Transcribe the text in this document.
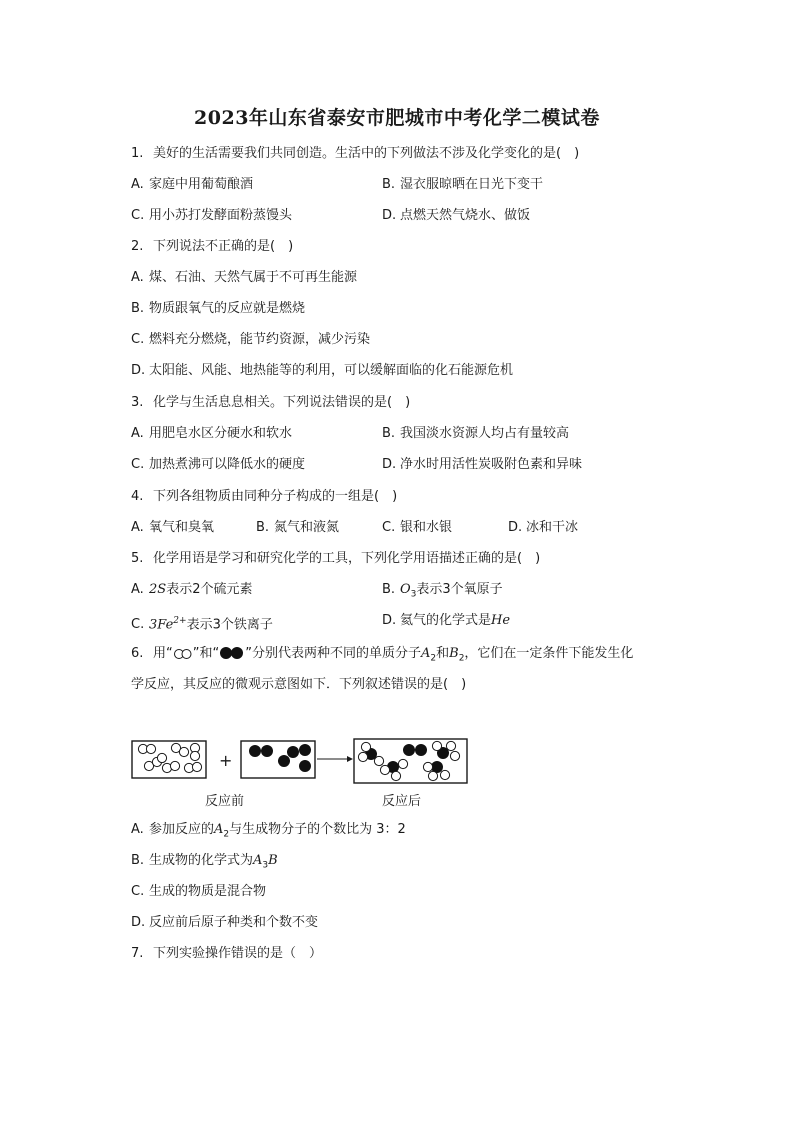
2023年山东省泰安市肥城市中考化学二模试卷
1. 美好的生活需要我们共同创造。生活中的下列做法不涉及化学变化的是(　)
A. 家庭中用葡萄酿酒	B. 湿衣服晾晒在日光下变干
C. 用小苏打发酵面粉蒸馒头	D. 点燃天然气烧水、做饭
2. 下列说法不正确的是(　)
A. 煤、石油、天然气属于不可再生能源
B. 物质跟氧气的反应就是燃烧
C. 燃料充分燃烧，能节约资源，减少污染
D. 太阳能、风能、地热能等的利用，可以缓解面临的化石能源危机
3. 化学与生活息息相关。下列说法错误的是(　)
A. 用肥皂水区分硬水和软水	B. 我国淡水资源人均占有量较高
C. 加热煮沸可以降低水的硬度	D. 净水时用活性炭吸附色素和异味
4. 下列各组物质由同种分子构成的一组是(　)
A. 氧气和臭氧	B. 氮气和液氮	C. 银和水银	D. 冰和干冰
5. 化学用语是学习和研究化学的工具，下列化学用语描述正确的是(　)
A. 2S表示2个硫元素	B. $O_3$表示3个氧原子
C. $3Fe^{2+}$表示3个铁离子	D. 氦气的化学式是He
6. 用“ ”和“ ”分别代表两种不同的单质分子$A_2$和$B_2$，它们在一定条件下能发生化
学反应，其反应的微观示意图如下．下列叙述错误的是(　)
+
反应前	反应后
A. 参加反应的$A_2$与生成物分子的个数比为 3：2
B. 生成物的化学式为$A_3B$
C. 生成的物质是混合物
D. 反应前后原子种类和个数不变
7. 下列实验操作错误的是（　）
